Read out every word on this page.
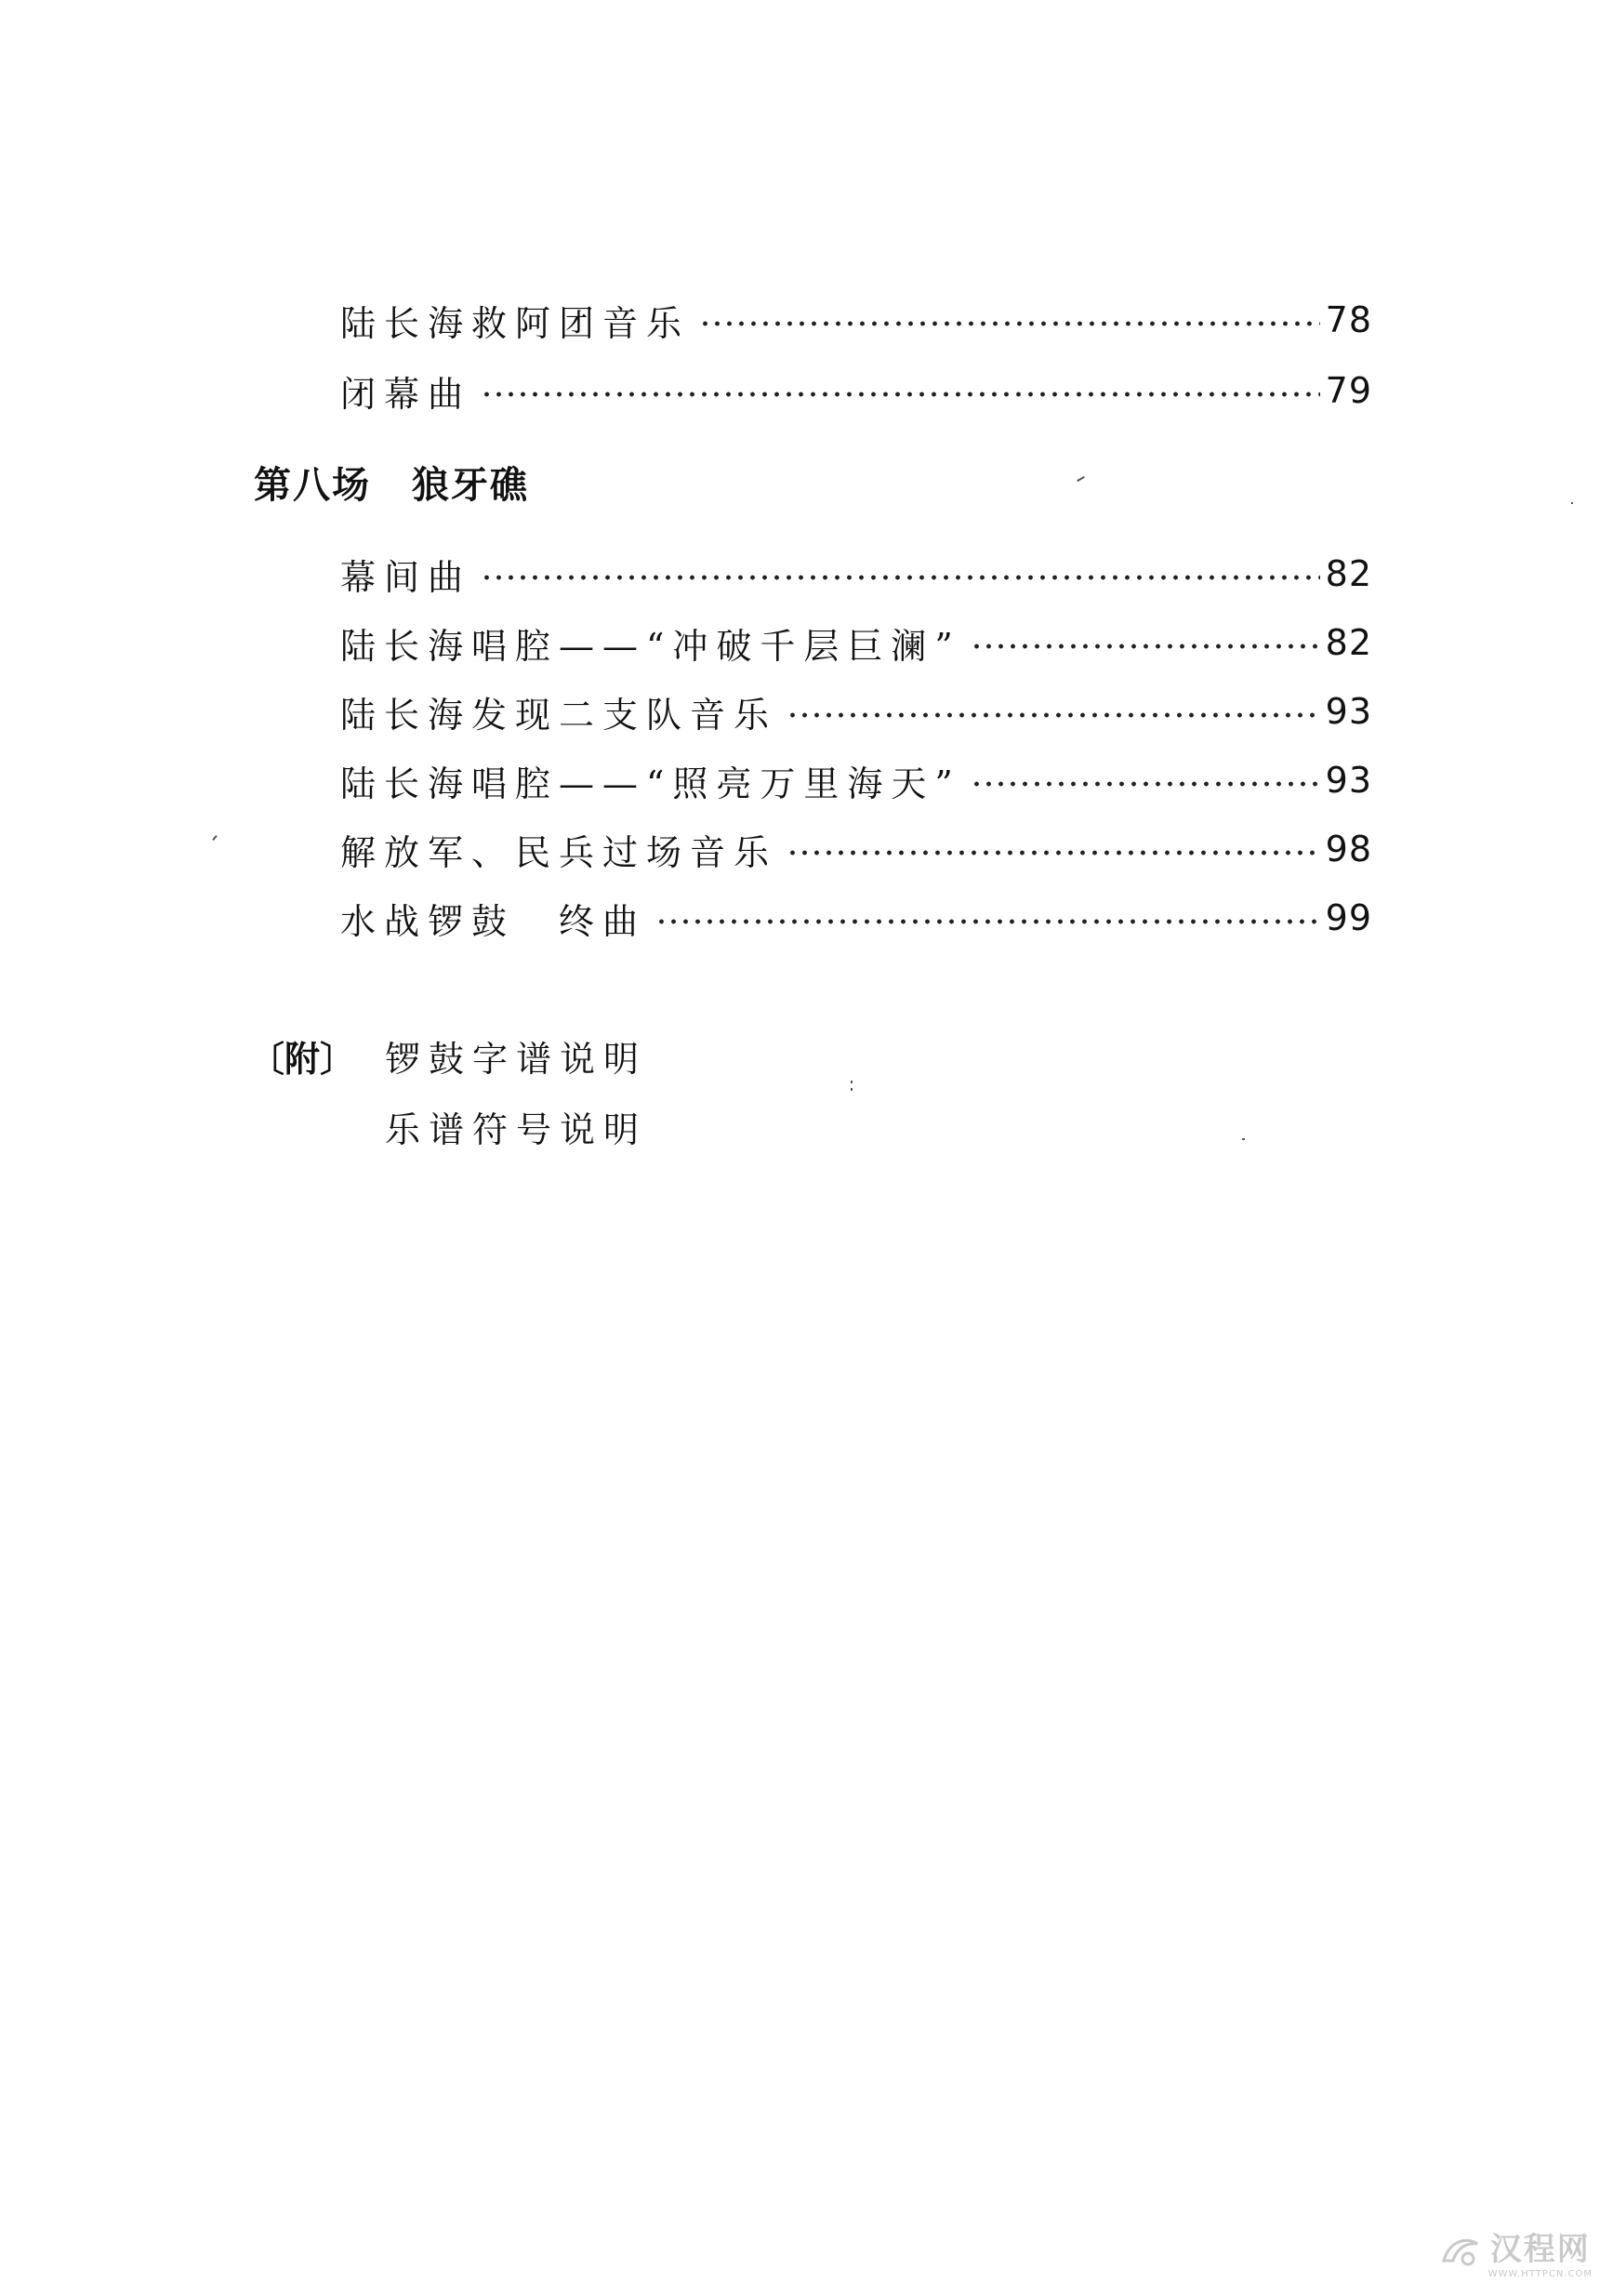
陆长海救阿团音乐	78
闭幕曲	79
第八场 狼牙礁
幕间曲	82
陆长海唱腔——“冲破千层巨澜”	82
陆长海发现二支队音乐	93
陆长海唱腔——“照亮万里海天”	93
解放军、民兵过场音乐	98
水战锣鼓　终曲	99
〔附〕 锣鼓字谱说明
乐谱符号说明
汉程网
WWW.HTTPCN.COM
